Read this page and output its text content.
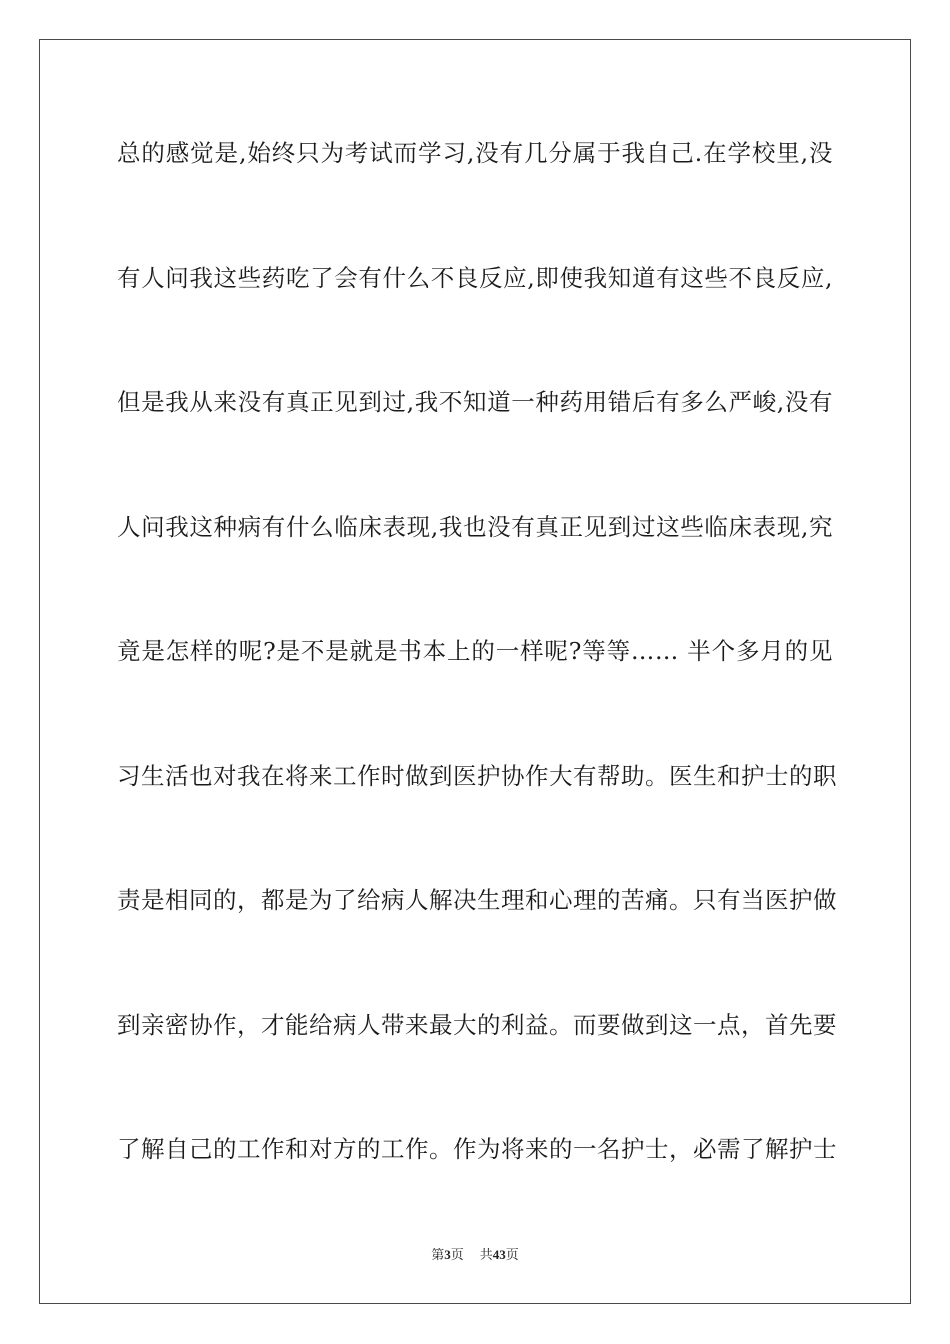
总的感觉是,始终只为考试而学习,没有几分属于我自己.在学校里,没
有人问我这些药吃了会有什么不良反应,即使我知道有这些不良反应,
但是我从来没有真正见到过,我不知道一种药用错后有多么严峻,没有
人问我这种病有什么临床表现,我也没有真正见到过这些临床表现,究
竟是怎样的呢?是不是就是书本上的一样呢?等等…… 半个多月的见
习生活也对我在将来工作时做到医护协作大有帮助。医生和护士的职
责是相同的，都是为了给病人解决生理和心理的苦痛。只有当医护做
到亲密协作，才能给病人带来最大的利益。而要做到这一点，首先要
了解自己的工作和对方的工作。作为将来的一名护士，必需了解护士
第3页 共43页
